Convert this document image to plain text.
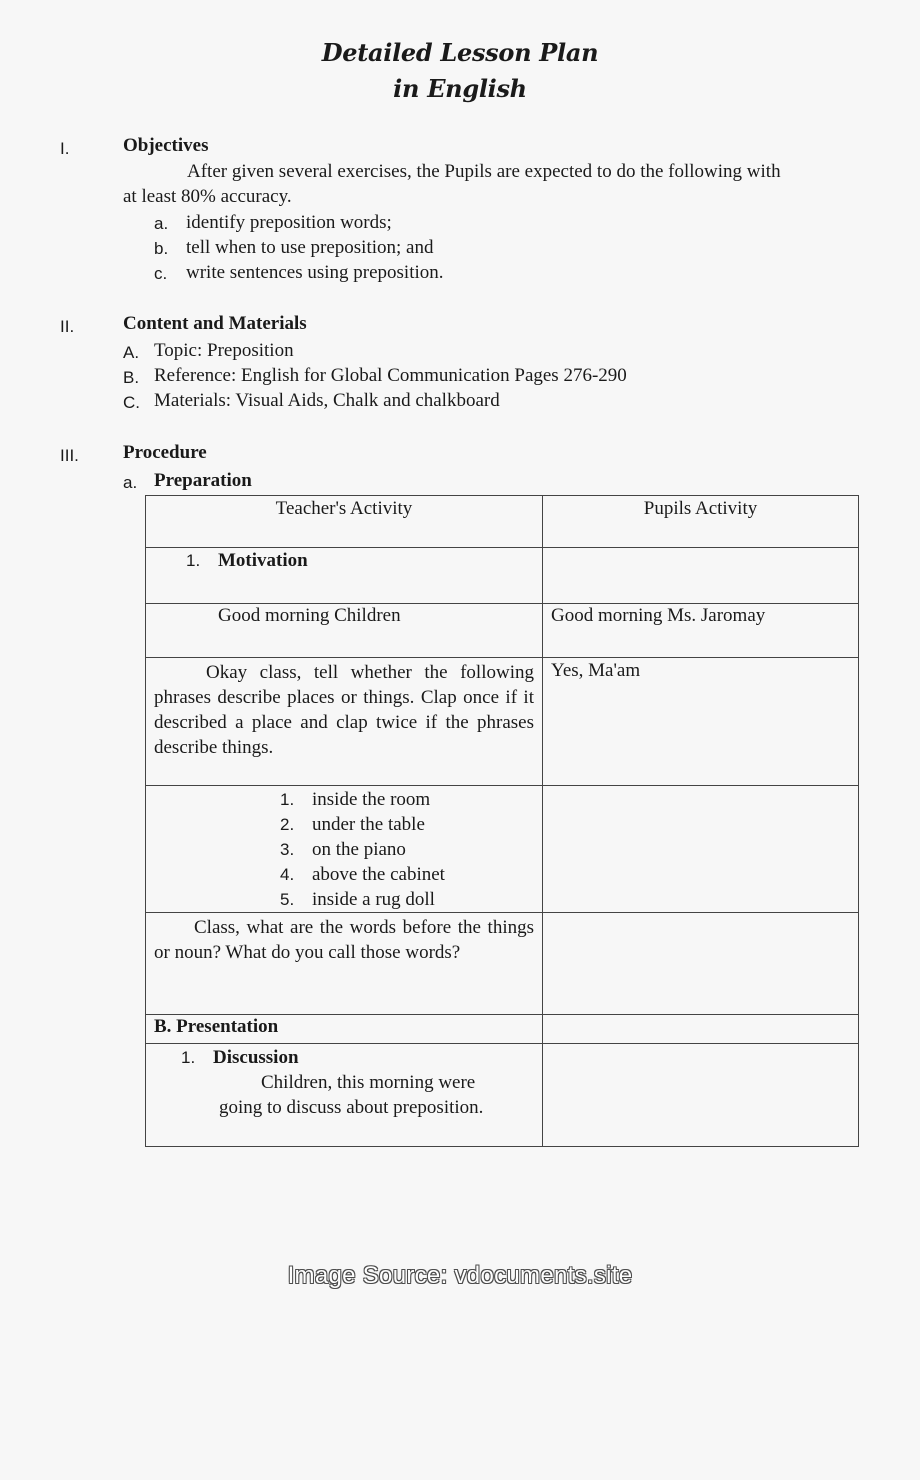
Detailed Lesson Plan
in English
I.	Objectives
After given several exercises, the Pupils are expected to do the following with
at least 80% accuracy.
a. identify preposition words;
b. tell when to use preposition; and
c. write sentences using preposition.
II.	Content and Materials
A. Topic: Preposition
B. Reference: English for Global Communication Pages 276-290
C. Materials: Visual Aids, Chalk and chalkboard
III. Procedure
a. Preparation
Teacher's Activity	Pupils Activity
1. Motivation	
Good morning Children	Good morning Ms. Jaromay
Okay class, tell whether the following phrases describe places or things. Clap once if it described a place and clap twice if the phrases describe things.	Yes, Ma'am

1. inside the room
2. under the table
3. on the piano
4. above the cabinet
5. inside a rug doll	

Class, what are the words before the things or noun? What do you call those words?	
B. Presentation	

1. Discussion
Children, this morning were
going to discuss about preposition.	

Image Source: vdocuments.site
